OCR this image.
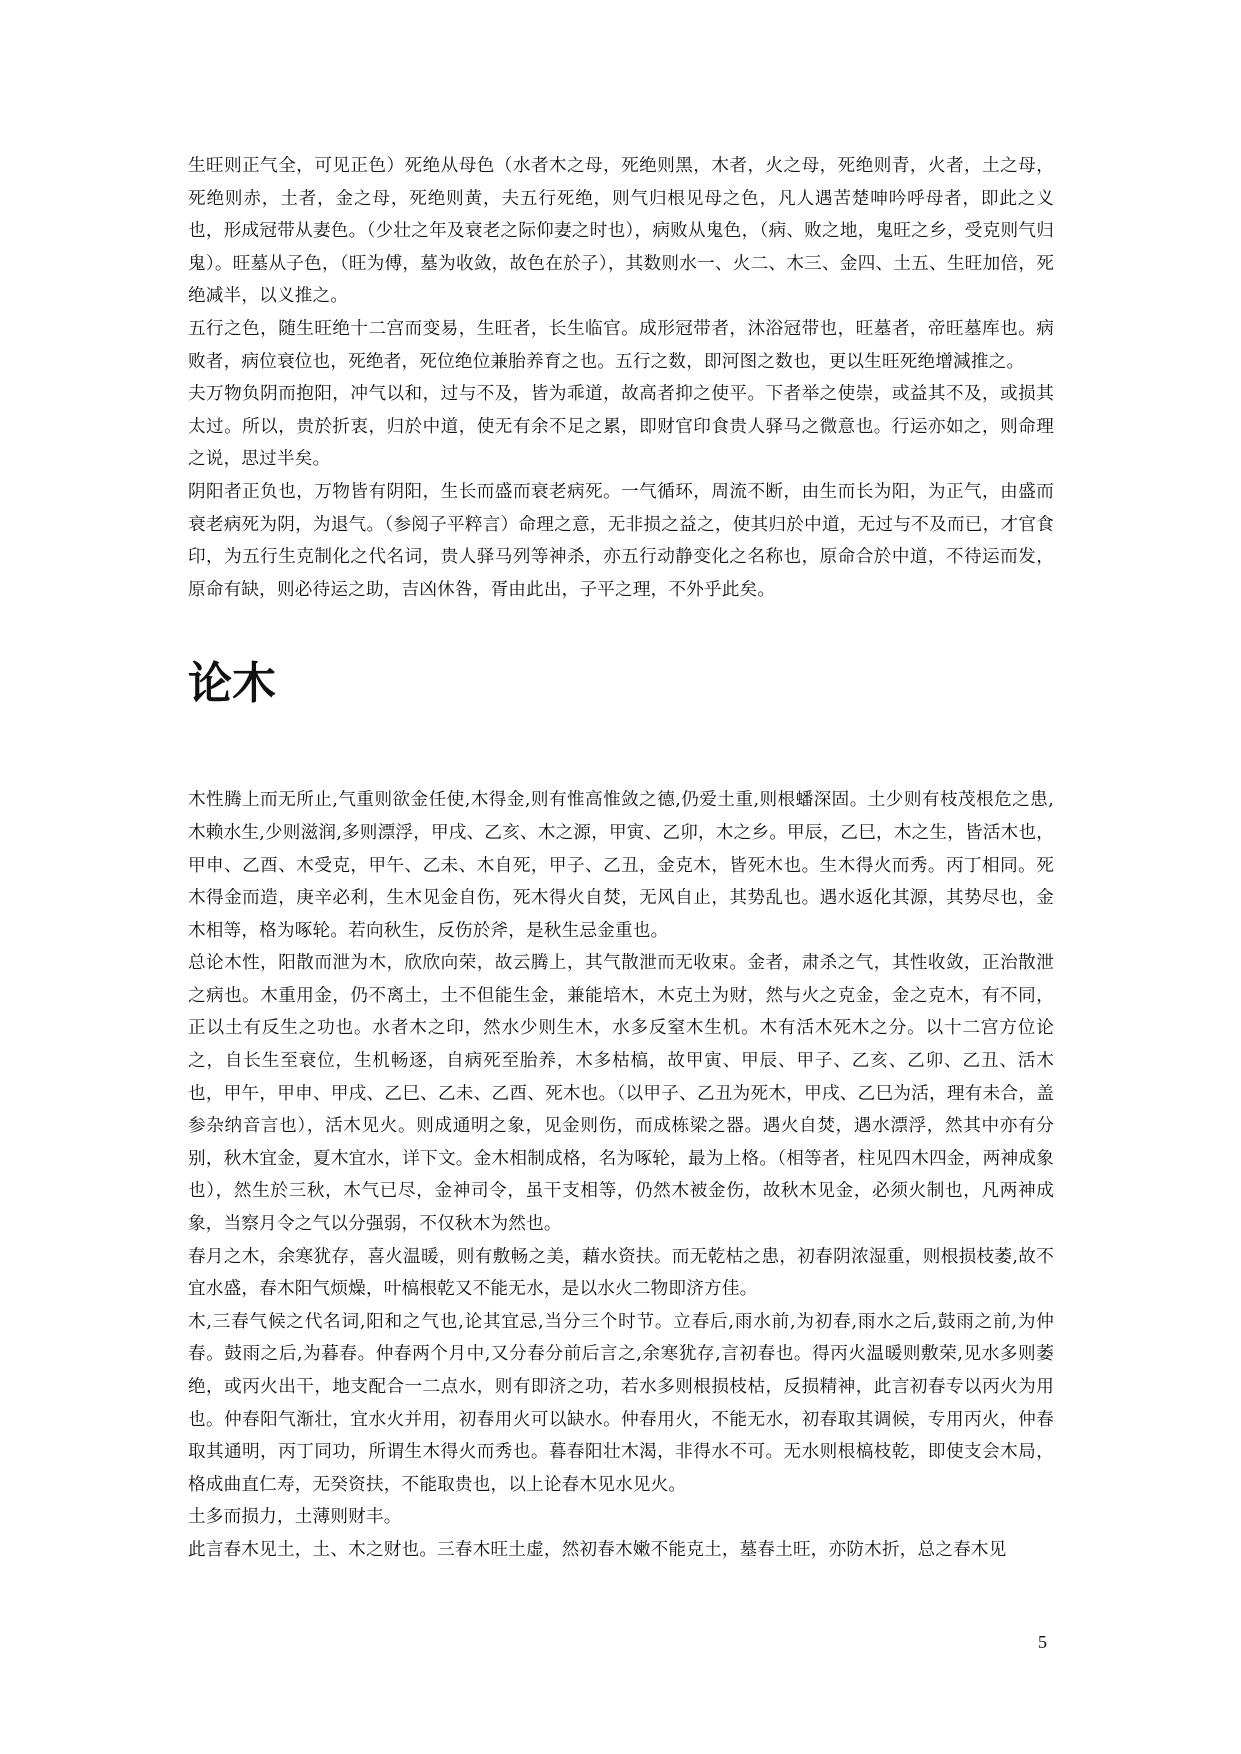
生旺则正气全，可见正色）死绝从母色（水者木之母，死绝则黑，木者，火之母，死绝则青，火者，土之母，死绝则赤，土者，金之母，死绝则黄，夫五行死绝，则气归根见母之色，凡人遇苦楚呻吟呼母者，即此之义也，形成冠带从妻色。（少壮之年及衰老之际仰妻之时也），病败从鬼色，（病、败之地，鬼旺之乡，受克则气归鬼）。旺墓从子色，（旺为傅，墓为收敛，故色在於子），其数则水一、火二、木三、金四、土五、生旺加倍，死绝减半，以义推之。

五行之色，随生旺绝十二宫而变易，生旺者，长生临官。成形冠带者，沐浴冠带也，旺墓者，帝旺墓库也。病败者，病位衰位也，死绝者，死位绝位兼胎养育之也。五行之数，即河图之数也，更以生旺死绝增減推之。

夫万物负阴而抱阳，冲气以和，过与不及，皆为乖道，故高者抑之使平。下者举之使崇，或益其不及，或损其太过。所以，贵於折衷，归於中道，使无有余不足之累，即财官印食贵人驿马之微意也。行运亦如之，则命理之说，思过半矣。

阴阳者正负也，万物皆有阴阳，生长而盛而衰老病死。一气循环，周流不断，由生而长为阳，为正气，由盛而衰老病死为阴，为退气。（参阅子平粹言）命理之意，无非损之益之，使其归於中道，无过与不及而已，才官食印，为五行生克制化之代名词，贵人驿马列等神杀，亦五行动静变化之名称也，原命合於中道，不待运而发，原命有缺，则必待运之助，吉凶休咎，胥由此出，子平之理，不外乎此矣。

论木

木性腾上而无所止,气重则欲金任使,木得金,则有惟高惟敛之德,仍爱土重,则根蟠深固。土少则有枝茂根危之患,木赖水生,少则滋润,多则漂浮，甲戌、乙亥、木之源，甲寅、乙卯，木之乡。甲辰，乙巳，木之生，皆活木也，甲申、乙酉、木受克，甲午、乙未、木自死，甲子、乙丑，金克木，皆死木也。生木得火而秀。丙丁相同。死木得金而造，庚辛必利，生木见金自伤，死木得火自焚，无风自止，其势乱也。遇水返化其源，其势尽也，金木相等，格为啄轮。若向秋生，反伤於斧，是秋生忌金重也。

总论木性，阳散而泄为木，欣欣向荣，故云腾上，其气散泄而无收束。金者，肃杀之气，其性收敛，正治散泄之病也。木重用金，仍不离土，土不但能生金，兼能培木，木克土为财，然与火之克金，金之克木，有不同，正以土有反生之功也。水者木之印，然水少则生木，水多反窒木生机。木有活木死木之分。以十二宫方位论之，自长生至衰位，生机畅逐，自病死至胎养，木多枯槁，故甲寅、甲辰、甲子、乙亥、乙卯、乙丑、活木也，甲午，甲申、甲戌、乙巳、乙未、乙酉、死木也。（以甲子、乙丑为死木，甲戌、乙巳为活，理有未合，盖参杂纳音言也），活木见火。则成通明之象，见金则伤，而成栋梁之器。遇火自焚，遇水漂浮，然其中亦有分别，秋木宜金，夏木宜水，详下文。金木相制成格，名为啄轮，最为上格。（相等者，柱见四木四金，两神成象也），然生於三秋，木气已尽，金神司令，虽干支相等，仍然木被金伤，故秋木见金，必须火制也，凡两神成象，当察月令之气以分强弱，不仅秋木为然也。

春月之木，余寒犹存，喜火温暖，则有敷畅之美，藉水资扶。而无乾枯之患，初春阴浓湿重，则根损枝萎,故不宜水盛，春木阳气烦燥，叶槁根乾又不能无水，是以水火二物即济方佳。

木,三春气候之代名词,阳和之气也,论其宜忌,当分三个时节。立春后,雨水前,为初春,雨水之后,鼓雨之前,为仲春。鼓雨之后,为暮春。仲春两个月中,又分春分前后言之,余寒犹存,言初春也。得丙火温暖则敷荣,见水多则萎绝，或丙火出干，地支配合一二点水，则有即济之功，若水多则根损枝枯，反损精神，此言初春专以丙火为用也。仲春阳气渐壮，宜水火并用，初春用火可以缺水。仲春用火，不能无水，初春取其调候，专用丙火，仲春取其通明，丙丁同功，所谓生木得火而秀也。暮春阳壮木渴，非得水不可。无水则根槁枝乾，即使支会木局，格成曲直仁寿，无癸资扶，不能取贵也，以上论春木见水见火。

土多而损力，土薄则财丰。

此言春木见土，土、木之财也。三春木旺土虚，然初春木嫩不能克土，墓春土旺，亦防木折，总之春木见

5
